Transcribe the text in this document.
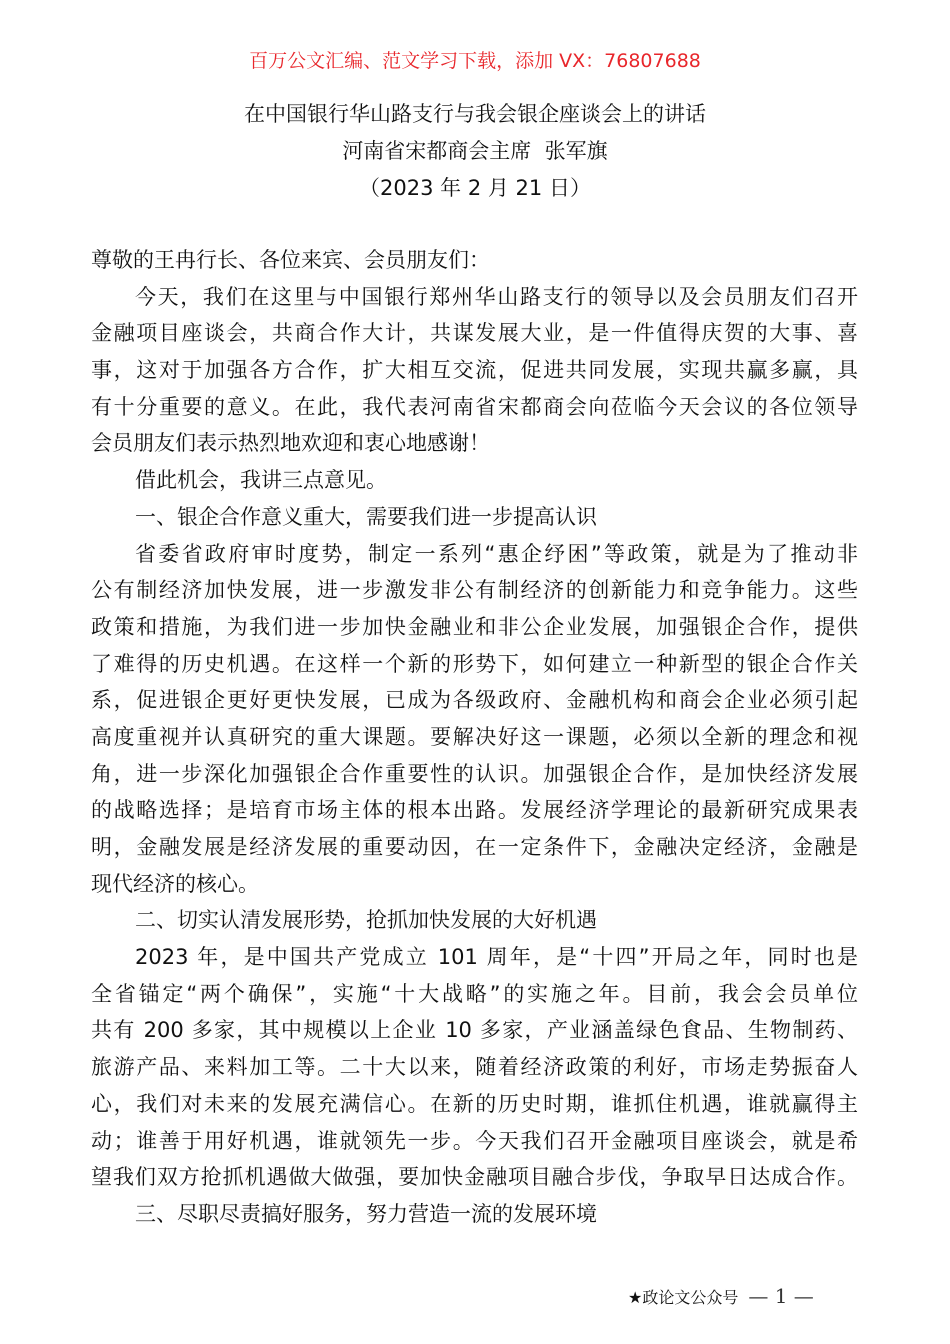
百万公文汇编、范文学习下载，添加 VX：76807688
在中国银行华山路支行与我会银企座谈会上的讲话
河南省宋都商会主席  张军旗
（2023 年 2 月 21 日）
尊敬的王冉行长、各位来宾、会员朋友们：
今天，我们在这里与中国银行郑州华山路支行的领导以及会员朋友们召开
金融项目座谈会，共商合作大计，共谋发展大业，是一件值得庆贺的大事、喜
事，这对于加强各方合作，扩大相互交流，促进共同发展，实现共赢多赢，具
有十分重要的意义。在此，我代表河南省宋都商会向莅临今天会议的各位领导
会员朋友们表示热烈地欢迎和衷心地感谢！
借此机会，我讲三点意见。
一、银企合作意义重大，需要我们进一步提高认识
省委省政府审时度势，制定一系列“惠企纾困”等政策，就是为了推动非
公有制经济加快发展，进一步激发非公有制经济的创新能力和竞争能力。这些
政策和措施，为我们进一步加快金融业和非公企业发展，加强银企合作，提供
了难得的历史机遇。在这样一个新的形势下，如何建立一种新型的银企合作关
系，促进银企更好更快发展，已成为各级政府、金融机构和商会企业必须引起
高度重视并认真研究的重大课题。要解决好这一课题，必须以全新的理念和视
角，进一步深化加强银企合作重要性的认识。加强银企合作，是加快经济发展
的战略选择；是培育市场主体的根本出路。发展经济学理论的最新研究成果表
明，金融发展是经济发展的重要动因，在一定条件下，金融决定经济，金融是
现代经济的核心。
二、切实认清发展形势，抢抓加快发展的大好机遇
2023 年，是中国共产党成立 101 周年，是“十四”开局之年，同时也是
全省锚定“两个确保”，实施“十大战略”的实施之年。目前，我会会员单位
共有 200 多家，其中规模以上企业 10 多家，产业涵盖绿色食品、生物制药、
旅游产品、来料加工等。二十大以来，随着经济政策的利好，市场走势振奋人
心，我们对未来的发展充满信心。在新的历史时期，谁抓住机遇，谁就赢得主
动；谁善于用好机遇，谁就领先一步。今天我们召开金融项目座谈会，就是希
望我们双方抢抓机遇做大做强，要加快金融项目融合步伐，争取早日达成合作。
三、尽职尽责搞好服务，努力营造一流的发展环境
★政论文公众号 — 1 —
